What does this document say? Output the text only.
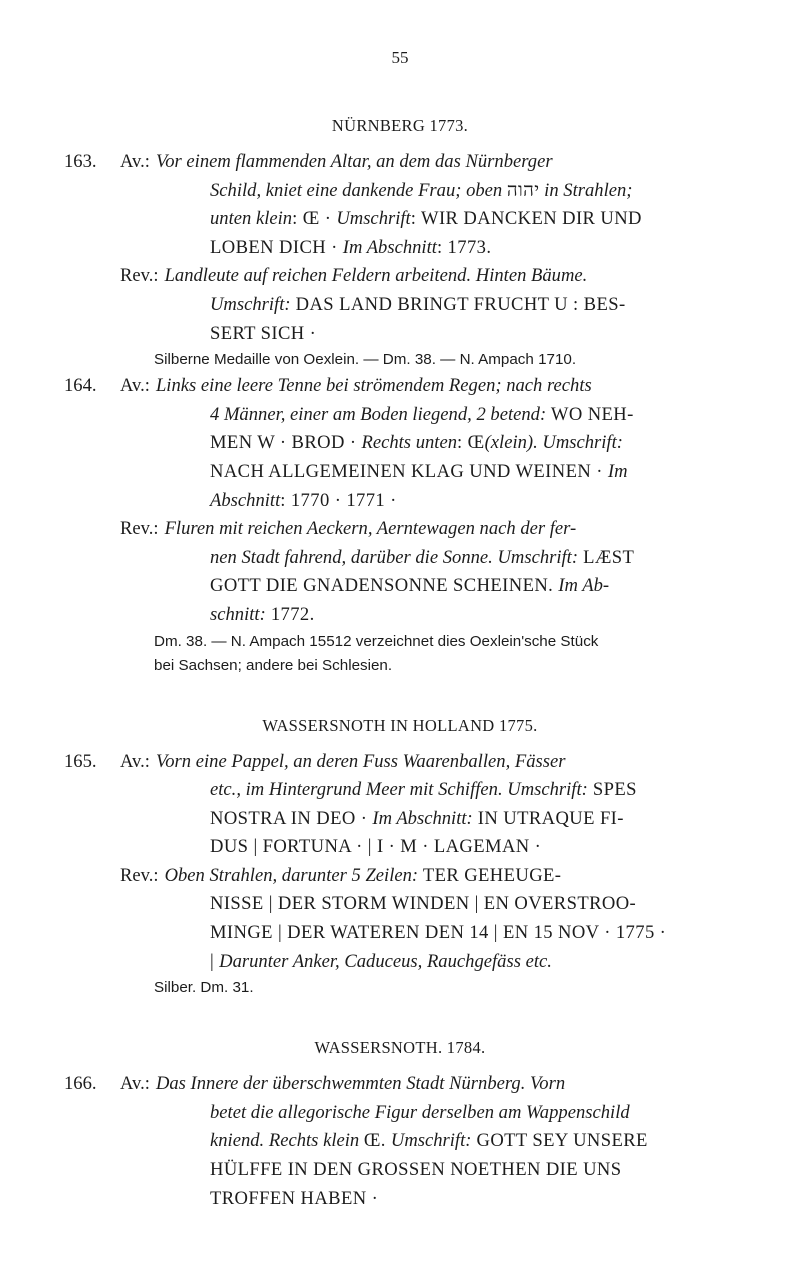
55
NÜRNBERG 1773.
163.	Av.: Vor einem flammenden Altar, an dem das Nürnberger
Schild, kniet eine dankende Frau; oben יהוה in Strahlen;
unten klein: Œ · Umschrift: WIR DANCKEN DIR UND
LOBEN DICH · Im Abschnitt: 1773.
Rev.: Landleute auf reichen Feldern arbeitend. Hinten Bäume.
Umschrift: DAS LAND BRINGT FRUCHT U : BES-
SERT SICH ·
Silberne Medaille von Oexlein. — Dm. 38. — N. Ampach 1710.
164.	Av.: Links eine leere Tenne bei strömendem Regen; nach rechts
4 Männer, einer am Boden liegend, 2 betend: WO NEH-
MEN W · BROD · Rechts unten: Œ(xlein). Umschrift:
NACH ALLGEMEINEN KLAG UND WEINEN · Im
Abschnitt: 1770 · 1771 ·
Rev.: Fluren mit reichen Aeckern, Aerntewagen nach der fer-
nen Stadt fahrend, darüber die Sonne. Umschrift: LÆST
GOTT DIE GNADENSONNE SCHEINEN. Im Ab-
schnitt: 1772.
Dm. 38. — N. Ampach 15512 verzeichnet dies Oexlein'sche Stück
bei Sachsen; andere bei Schlesien.
WASSERSNOTH IN HOLLAND 1775.
165.	Av.: Vorn eine Pappel, an deren Fuss Waarenballen, Fässer
etc., im Hintergrund Meer mit Schiffen. Umschrift: SPES
NOSTRA IN DEO · Im Abschnitt: IN UTRAQUE FI-
DUS | FORTUNA · | I · M · LAGEMAN ·
Rev.: Oben Strahlen, darunter 5 Zeilen: TER GEHEUGE-
NISSE | DER STORM WINDEN | EN OVERSTROO-
MINGE | DER WATEREN DEN 14 | EN 15 NOV · 1775 ·
| Darunter Anker, Caduceus, Rauchgefäss etc.
Silber. Dm. 31.
WASSERSNOTH. 1784.
166.	Av.: Das Innere der überschwemmten Stadt Nürnberg. Vorn
betet die allegorische Figur derselben am Wappenschild
kniend. Rechts klein Œ. Umschrift: GOTT SEY UNSERE
HÜLFFE IN DEN GROSSEN NOETHEN DIE UNS
TROFFEN HABEN ·
